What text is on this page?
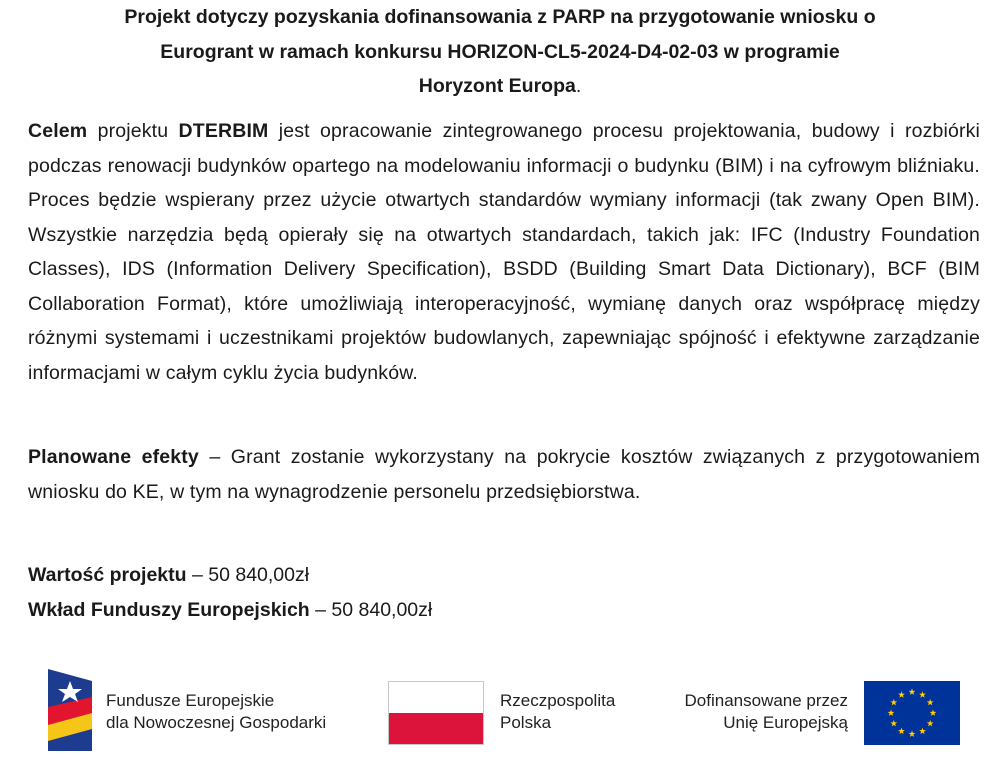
Projekt dotyczy pozyskania dofinansowania z PARP na przygotowanie wniosku o
Eurogrant w ramach konkursu HORIZON-CL5-2024-D4-02-03 w programie
Horyzont Europa.

Celem projektu DTERBIM jest opracowanie zintegrowanego procesu projektowania, budowy i rozbiórki podczas renowacji budynków opartego na modelowaniu informacji o budynku (BIM) i na cyfrowym bliźniaku. Proces będzie wspierany przez użycie otwartych standardów wymiany informacji (tak zwany Open BIM). Wszystkie narzędzia będą opierały się na otwartych standardach, takich jak: IFC (Industry Foundation Classes), IDS (Information Delivery Specification), BSDD (Building Smart Data Dictionary), BCF (BIM Collaboration Format), które umożliwiają interoperacyjność, wymianę danych oraz współpracę między różnymi systemami i uczestnikami projektów budowlanych, zapewniając spójność i efektywne zarządzanie informacjami w całym cyklu życia budynków.

Planowane efekty – Grant zostanie wykorzystany na pokrycie kosztów związanych z przygotowaniem wniosku do KE, w tym na wynagrodzenie personelu przedsiębiorstwa.

Wartość projektu – 50 840,00zł

Wkład Funduszy Europejskich – 50 840,00zł

Fundusze Europejskie
dla Nowoczesnej Gospodarki
Rzeczpospolita
Polska
Dofinansowane przez
Unię Europejską
